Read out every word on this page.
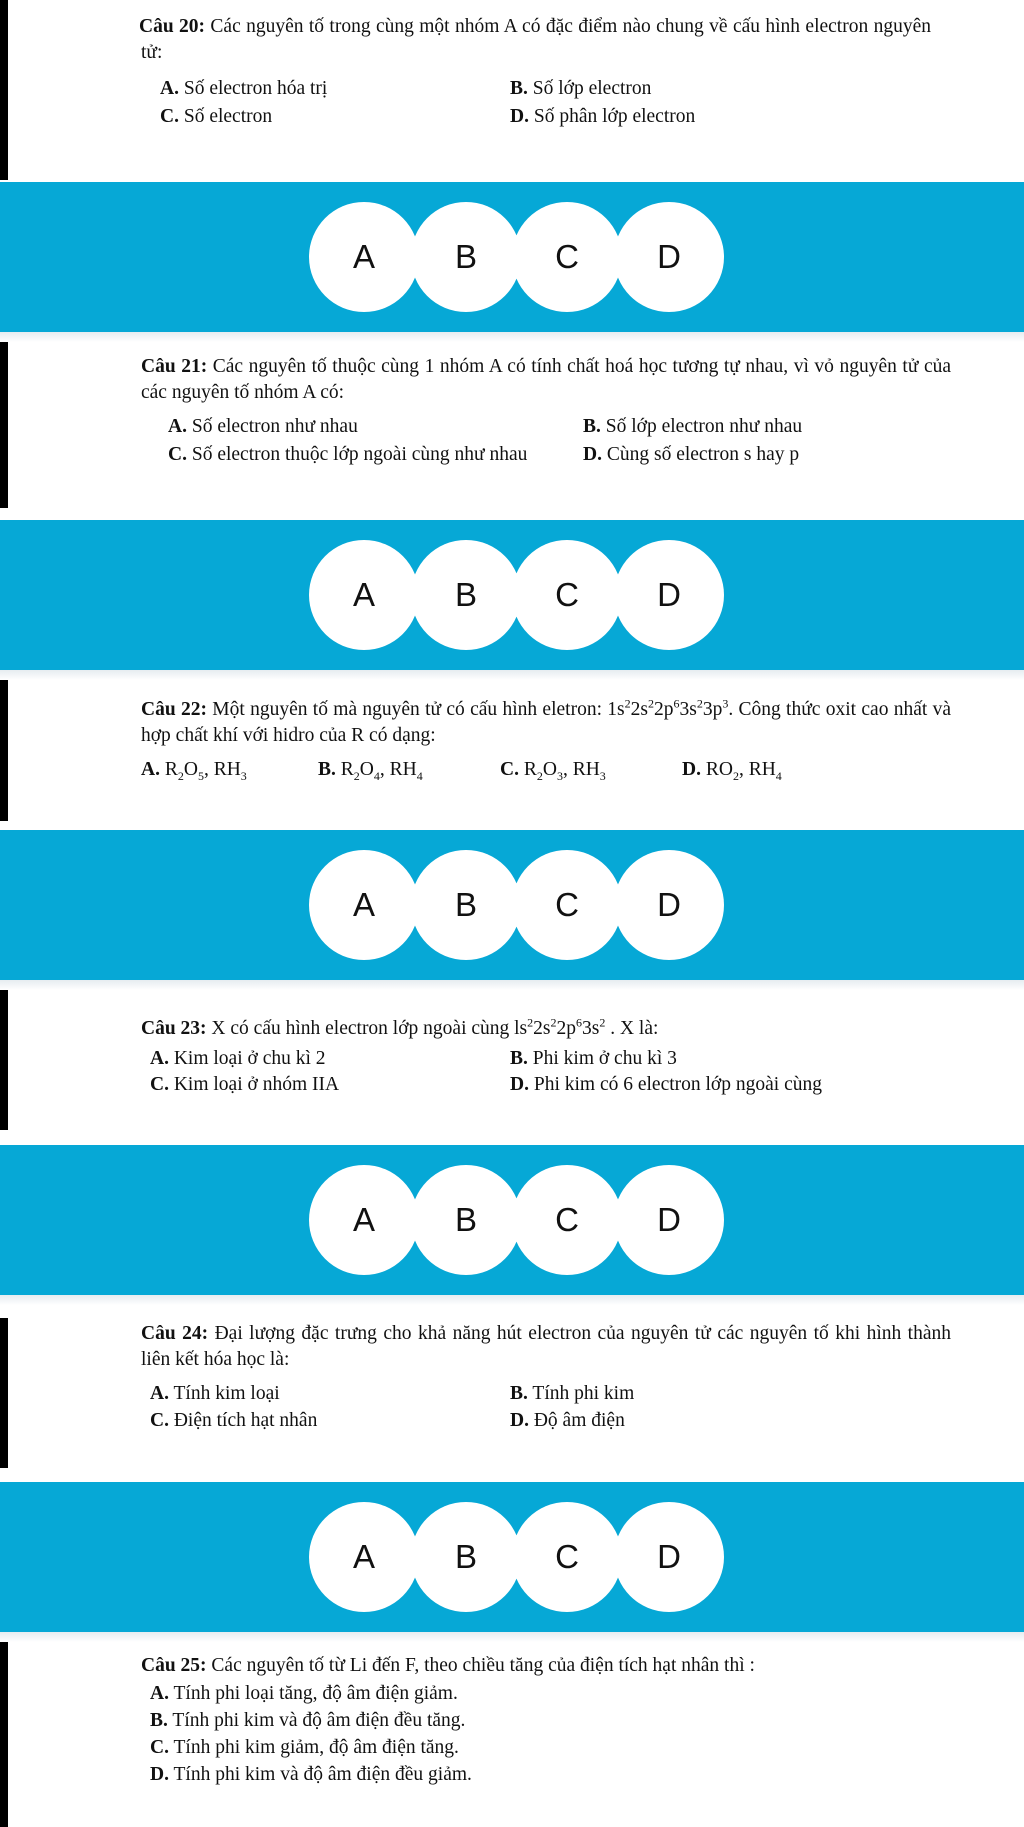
Câu 20: Các nguyên tố trong cùng một nhóm A có đặc điểm nào chung về cấu hình electron nguyên tử:

A. Số electron hóa trị	B. Số lớp electron
C. Số electron	D. Số phân lớp electron
A	B	C	D

Câu 21: Các nguyên tố thuộc cùng 1 nhóm A có tính chất hoá học tương tự nhau, vì vỏ nguyên tử của các nguyên tố nhóm A có:

A. Số electron như nhau	B. Số lớp electron như nhau
C. Số electron thuộc lớp ngoài cùng như nhau	D. Cùng số electron s hay p
A	B	C	D

Câu 22: Một nguyên tố mà nguyên tử có cấu hình eletron: $1s^22s^22p^63s^23p^3$. Công thức oxit cao nhất và hợp chất khí với hidro của R có dạng:

A. $R_2O_5$, $RH_3$	B. $R_2O_4$, $RH_4$	C. $R_2O_3$, $RH_3$	D. $RO_2$, $RH_4$
A	B	C	D

Câu 23: X có cấu hình electron lớp ngoài cùng $ls^22s^22p^63s^2$ . X là:

A. Kim loại ở chu kì 2	B. Phi kim ở chu kì 3
C. Kim loại ở nhóm IIA	D. Phi kim có 6 electron lớp ngoài cùng
A	B	C	D

Câu 24: Đại lượng đặc trưng cho khả năng hút electron của nguyên tử các nguyên tố khi hình thành liên kết hóa học là:

A. Tính kim loại	B. Tính phi kim
C. Điện tích hạt nhân	D. Độ âm điện
A	B	C	D

Câu 25: Các nguyên tố từ Li đến F, theo chiều tăng của điện tích hạt nhân thì :

A. Tính phi loại tăng, độ âm điện giảm.
B. Tính phi kim và độ âm điện đều tăng.
C. Tính phi kim giảm, độ âm điện tăng.
D. Tính phi kim và độ âm điện đều giảm.
